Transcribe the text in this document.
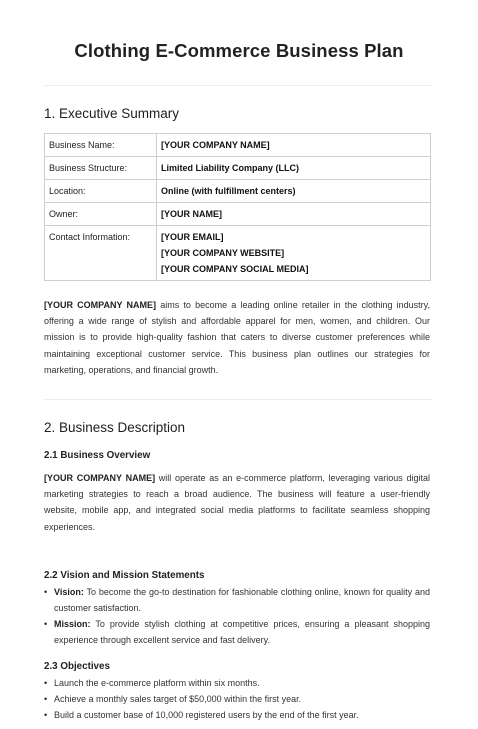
Clothing E-Commerce Business Plan
1. Executive Summary
Business Name:	[YOUR COMPANY NAME]
Business Structure:	Limited Liability Company (LLC)
Location:	Online (with fulfillment centers)
Owner:	[YOUR NAME]
Contact Information:	[YOUR EMAIL]
[YOUR COMPANY WEBSITE]
[YOUR COMPANY SOCIAL MEDIA]
[YOUR COMPANY NAME] aims to become a leading online retailer in the clothing industry, offering a wide range of stylish and affordable apparel for men, women, and children. Our mission is to provide high-quality fashion that caters to diverse customer preferences while maintaining exceptional customer service. This business plan outlines our strategies for marketing, operations, and financial growth.
2. Business Description
2.1 Business Overview
[YOUR COMPANY NAME] will operate as an e-commerce platform, leveraging various digital marketing strategies to reach a broad audience. The business will feature a user-friendly website, mobile app, and integrated social media platforms to facilitate seamless shopping experiences.
2.2 Vision and Mission Statements
• Vision: To become the go-to destination for fashionable clothing online, known for quality and customer satisfaction.
• Mission: To provide stylish clothing at competitive prices, ensuring a pleasant shopping experience through excellent service and fast delivery.
2.3 Objectives
• Launch the e-commerce platform within six months.
• Achieve a monthly sales target of $50,000 within the first year.
• Build a customer base of 10,000 registered users by the end of the first year.
